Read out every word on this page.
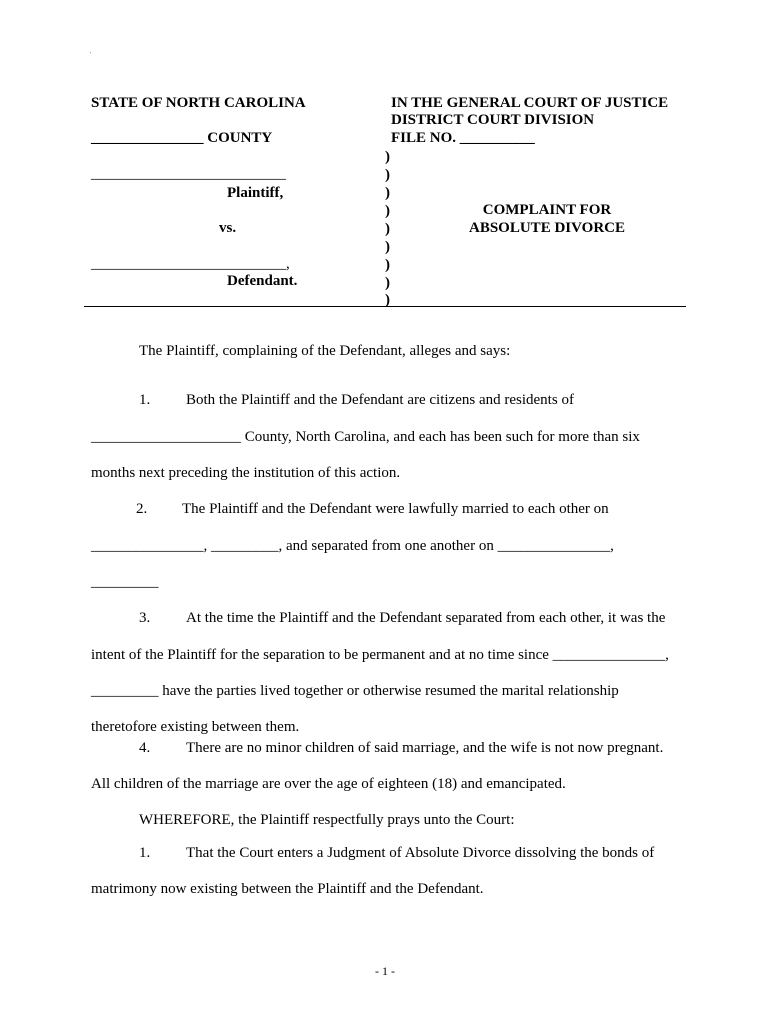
'
STATE OF NORTH CAROLINA
_______________ COUNTY
__________________________
Plaintiff,
vs.
__________________________,
Defendant.
IN THE GENERAL COURT OF JUSTICE
DISTRICT COURT DIVISION
FILE NO. __________
)
)
)
)
)
)
)
)
)
COMPLAINT FOR
ABSOLUTE DIVORCE
The Plaintiff, complaining of the Defendant, alleges and says:
1. Both the Plaintiff and the Defendant are citizens and residents of
____________________ County, North Carolina, and each has been such for more than six
months next preceding the institution of this action.
2. The Plaintiff and the Defendant were lawfully married to each other on
_______________, _________, and separated from one another on _______________,
_________
3. At the time the Plaintiff and the Defendant separated from each other, it was the
intent of the Plaintiff for the separation to be permanent and at no time since _______________,
_________ have the parties lived together or otherwise resumed the marital relationship
theretofore existing between them.
4. There are no minor children of said marriage, and the wife is not now pregnant.
All children of the marriage are over the age of eighteen (18) and emancipated.
WHEREFORE, the Plaintiff respectfully prays unto the Court:
1. That the Court enters a Judgment of Absolute Divorce dissolving the bonds of
matrimony now existing between the Plaintiff and the Defendant.
- 1 -
